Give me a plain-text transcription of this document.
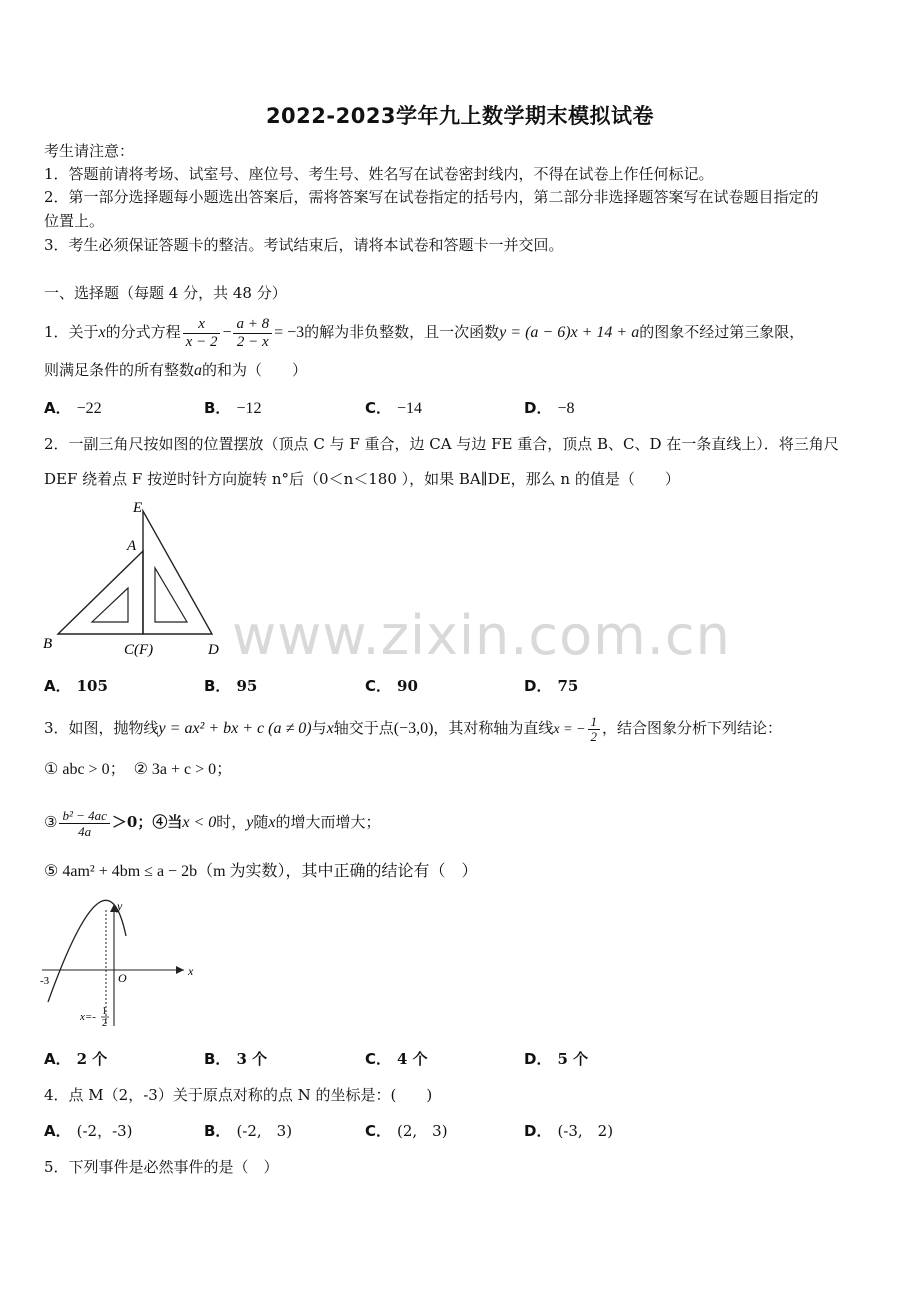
2022-2023学年九上数学期末模拟试卷
考生请注意：
1．答题前请将考场、试室号、座位号、考生号、姓名写在试卷密封线内，不得在试卷上作任何标记。
2．第一部分选择题每小题选出答案后，需将答案写在试卷指定的括号内，第二部分非选择题答案写在试卷题目指定的
位置上。
3．考生必须保证答题卡的整洁。考试结束后，请将本试卷和答题卡一并交回。
一、选择题（每题 4 分，共 48 分）
1．关于x的分式方程 $\frac{x}{x - 2} - \frac{a + 8}{2 - x} = -3$的解为非负整数，且一次函数y = (a − 6)x + 14 + a的图象不经过第三象限，
则满足条件的所有整数a的和为（　　）
A． −22	B． −12	C． −14	D． −8
2．一副三角尺按如图的位置摆放（顶点 C 与 F 重合，边 CA 与边 FE 重合，顶点 B、C、D 在一条直线上）．将三角尺
DEF 绕着点 F 按逆时针方向旋转 n°后（0＜n＜180 ），如果 BA∥DE，那么 n 的值是（　　）
E
A
B	C(F)	D www.zixin.com.cn
A． 105	B． 95	C． 90	D． 75
3．如图，抛物线y = ax² + bx + c (a ≠ 0)与x轴交于点(−3,0)，其对称轴为直线x = − $\frac{1}{2}$ ，结合图象分析下列结论：
① abc > 0；　② 3a + c > 0；
③ $\frac{\text{b² − 4ac}}{4a} >0$；④当x < 0时，y随x的增大而增大；
⑤ 4am² + 4bm ≤ a − 2b（m 为实数），其中正确的结论有（　）
y
x
O
-3
x=- 1
2
A． 2 个	B． 3 个	C． 4 个	D． 5 个
4．点 M（2，-3）关于原点对称的点 N 的坐标是：(　　)
A． (-2，-3)	B． (-2,　3)	C． (2,　3)	D． (-3,　2)
5．下列事件是必然事件的是（　）
